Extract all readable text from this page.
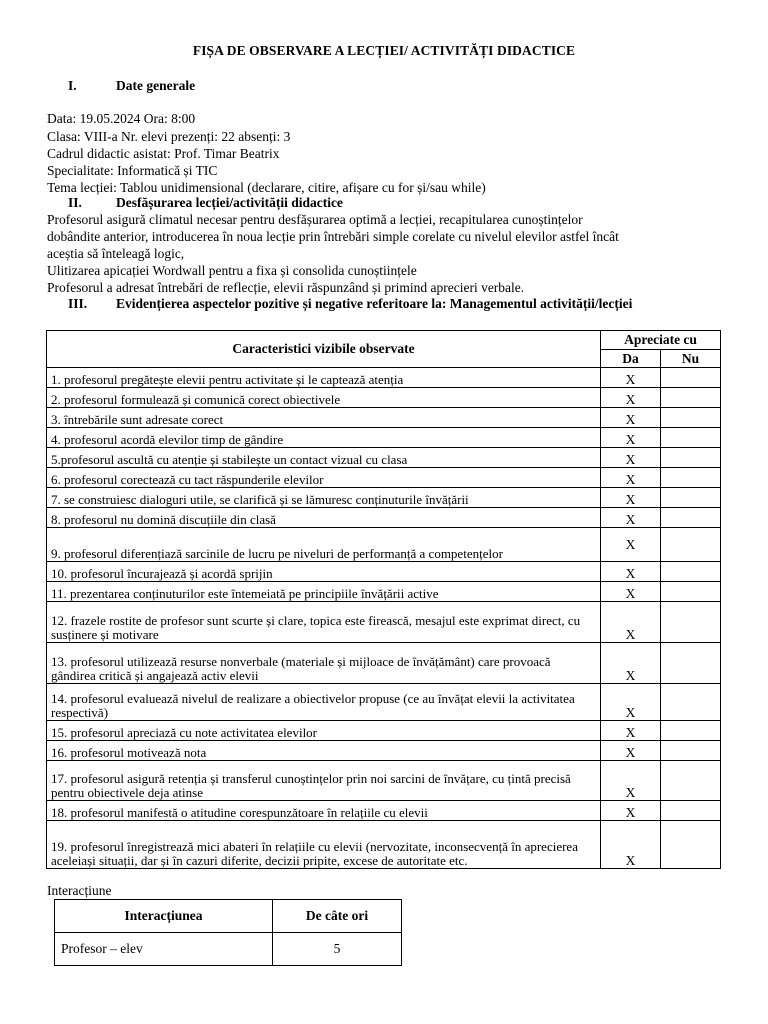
FIȘA DE OBSERVARE A LECȚIEI/ ACTIVITĂȚI DIDACTICE
I.	Date generale
Data: 19.05.2024 Ora: 8:00
Clasa: VIII-a Nr. elevi prezenți: 22 absenți: 3
Cadrul didactic asistat: Prof. Timar Beatrix
Specialitate: Informatică și TIC
Tema lecției: Tablou unidimensional (declarare, citire, afișare cu for și/sau while)
II.	Desfășurarea lecției/activității didactice
Profesorul asigură climatul necesar pentru desfășurarea optimă a lecției, recapitularea cunoștințelor
dobândite anterior, introducerea în noua lecție prin întrebări simple corelate cu nivelul elevilor astfel încât
aceștia să înteleagă logic,
Ulitizarea apicației Wordwall pentru a fixa și consolida cunoștiințele
Profesorul a adresat întrebări de reflecție, elevii răspunzând și primind aprecieri verbale.
III. Evidențierea aspectelor pozitive și negative referitoare la: Managementul activității/lecției
Caracteristici vizibile observate	Apreciate cu	
	Da	Nu
1. profesorul pregătește elevii pentru activitate și le captează atenția	X	
2. profesorul formulează și comunică corect obiectivele	X	
3. întrebările sunt adresate corect	X	
4. profesorul acordă elevilor timp de gândire	X	
5.profesorul ascultă cu atenție și stabilește un contact vizual cu clasa	X	
6. profesorul corectează cu tact răspunderile elevilor	X	
7. se construiesc dialoguri utile, se clarifică și se lămuresc conținuturile învățării	X	
8. profesorul nu domină discuțiile din clasă	X	
9. profesorul diferențiază sarcinile de lucru pe niveluri de performanță a competențelor	X	
10. profesorul încurajează și acordă sprijin	X	
11. prezentarea conținuturilor este întemeiată pe principiile învățării active	X	
12. frazele rostite de profesor sunt scurte și clare, topica este firească, mesajul este exprimat direct, cu susținere și motivare	X	
13. profesorul utilizează resurse nonverbale (materiale și mijloace de învățământ) care provoacă gândirea critică și angajează activ elevii	X	
14. profesorul evaluează nivelul de realizare a obiectivelor propuse (ce au învățat elevii la activitatea respectivă)	X	
15. profesorul apreciază cu note activitatea elevilor	X	
16. profesorul motivează nota	X	
17. profesorul asigură retenția și transferul cunoștințelor prin noi sarcini de învățare, cu țintă precisă pentru obiectivele deja atinse	X	
18. profesorul manifestă o atitudine corespunzătoare în relațiile cu elevii	X	
19. profesorul înregistrează mici abateri în relațiile cu elevii (nervozitate, inconsecvență în aprecierea aceleiași situații, dar și în cazuri diferite, decizii pripite, excese de autoritate etc.	X	
Interacțiune
Interacțiunea	De câte ori
Profesor – elev	5
